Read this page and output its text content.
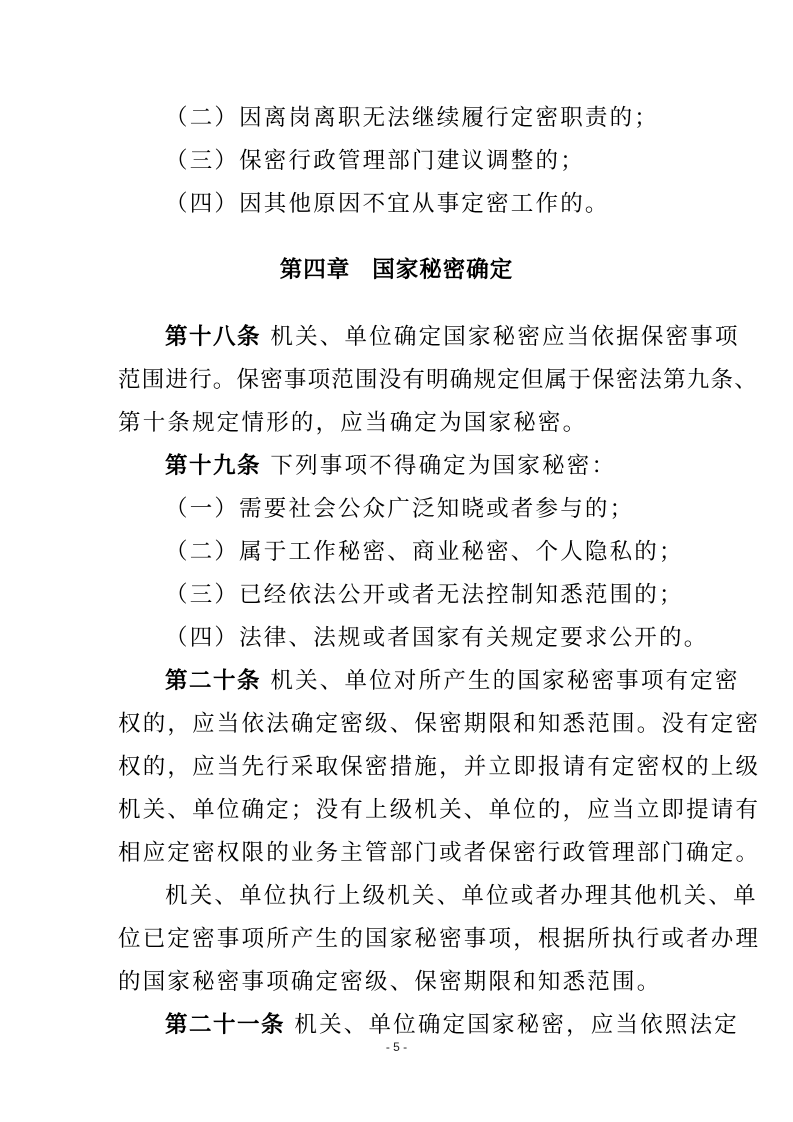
（二）因离岗离职无法继续履行定密职责的；
（三）保密行政管理部门建议调整的；
（四）因其他原因不宜从事定密工作的。
第四章 国家秘密确定
第十八条 机关、单位确定国家秘密应当依据保密事项
范围进行。保密事项范围没有明确规定但属于保密法第九条、
第十条规定情形的，应当确定为国家秘密。
第十九条 下列事项不得确定为国家秘密：
（一）需要社会公众广泛知晓或者参与的；
（二）属于工作秘密、商业秘密、个人隐私的；
（三）已经依法公开或者无法控制知悉范围的；
（四）法律、法规或者国家有关规定要求公开的。
第二十条 机关、单位对所产生的国家秘密事项有定密
权的，应当依法确定密级、保密期限和知悉范围。没有定密
权的，应当先行采取保密措施，并立即报请有定密权的上级
机关、单位确定；没有上级机关、单位的，应当立即提请有
相应定密权限的业务主管部门或者保密行政管理部门确定。
机关、单位执行上级机关、单位或者办理其他机关、单
位已定密事项所产生的国家秘密事项，根据所执行或者办理
的国家秘密事项确定密级、保密期限和知悉范围。
第二十一条 机关、单位确定国家秘密，应当依照法定
- 5 -
